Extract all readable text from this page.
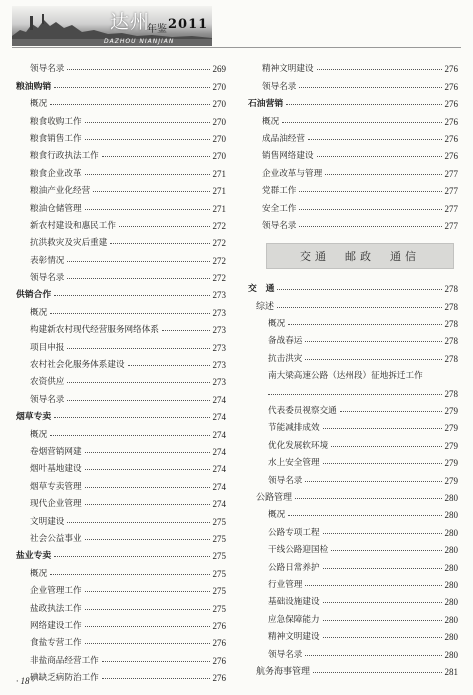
DAZHOU NIANJIAN
达州
年鉴 2011
领导名录	269
粮油购销	270
概况	270
粮食收购工作	270
粮食销售工作	270
粮食行政执法工作	270
粮食企业改革	271
粮油产业化经营	271
粮油仓储管理	271
新农村建设和惠民工作	272
抗洪救灾及灾后重建	272
表彰情况	272
领导名录	272
供销合作	273
概况	273
构建新农村现代经营服务网络体系	273
项目申报	273
农村社会化服务体系建设	273
农资供应	273
领导名录	274
烟草专卖	274
概况	274
卷烟营销网建	274
烟叶基地建设	274
烟草专卖管理	274
现代企业管理	274
文明建设	275
社会公益事业	275
盐业专卖	275
概况	275
企业管理工作	275
盐政执法工作	275
网络建设工作	276
食盐专营工作	276
非盐商品经营工作	276
碘缺乏病防治工作	276
精神文明建设	276
领导名录	276
石油营销	276
概况	276
成品油经营	276
销售网络建设	276
企业改革与管理	277
党群工作	277
安全工作	277
领导名录	277
交通　邮政　通信
交　通	278
综述	278
概况	278
备战春运	278
抗击洪灾	278
南大梁高速公路（达州段）征地拆迁工作
278
代表委员视察交通	279
节能减排成效	279
优化发展软环境	279
水上安全管理	279
领导名录	279
公路管理	280
概况	280
公路专项工程	280
干线公路迎国检	280
公路日常养护	280
行业管理	280
基础设施建设	280
应急保障能力	280
精神文明建设	280
领导名录	280
航务海事管理	281
· 18 ·
